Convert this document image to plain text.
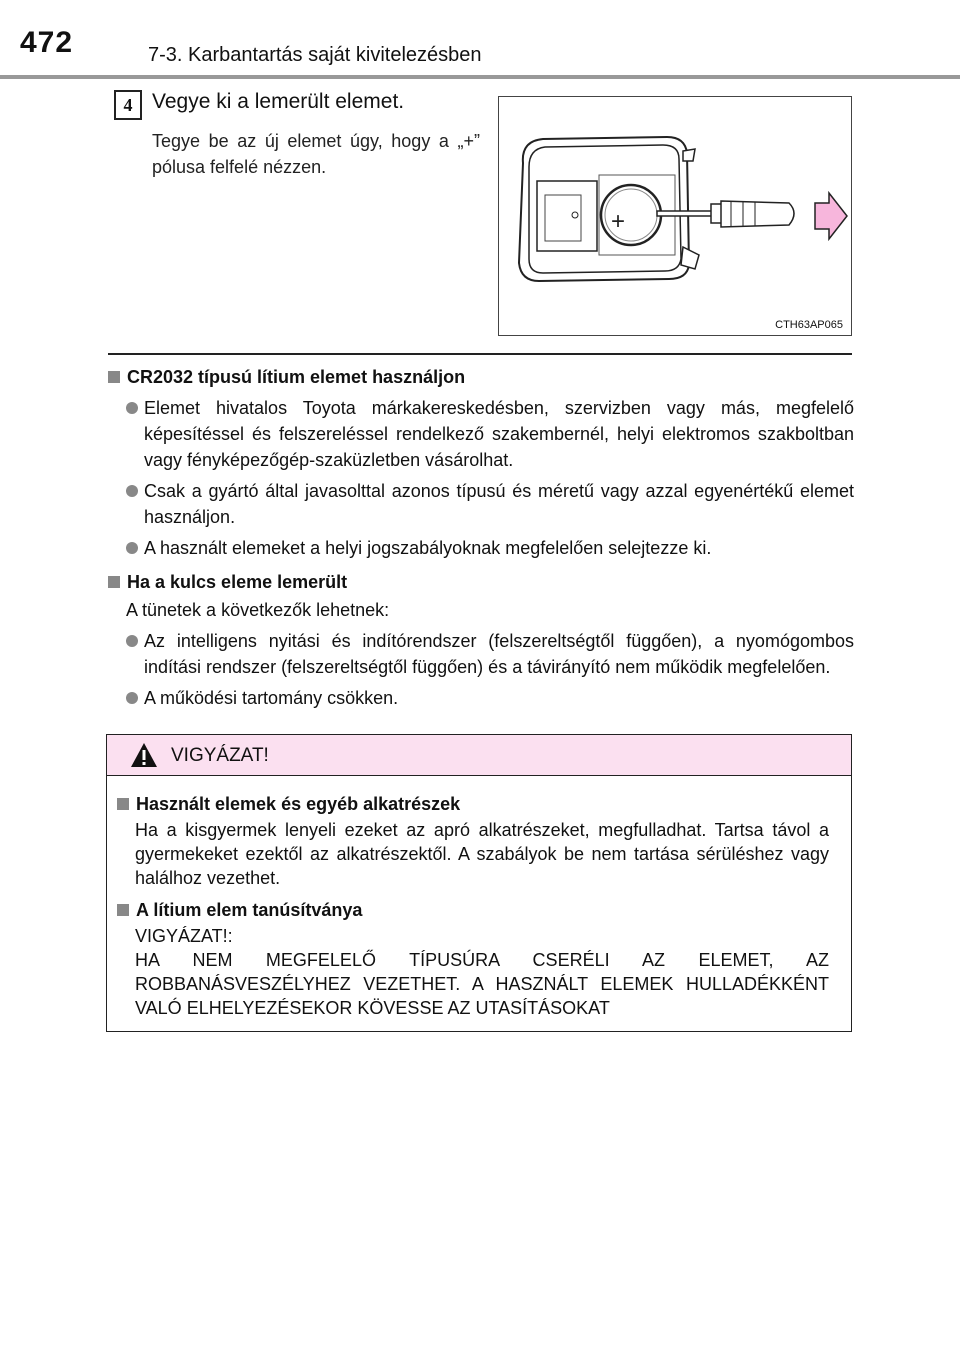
472	7-3. Karbantartás saját kivitelezésben
4 Vegye ki a lemerült elemet.
Tegye be az új elemet úgy, hogy a „+” pólusa felfelé nézzen.
+
CTH63AP065
CR2032 típusú lítium elemet használjon
Elemet hivatalos Toyota márkakereskedésben, szervizben vagy más, megfelelő képesítéssel és felszereléssel rendelkező szakembernél, helyi elektromos szakboltban vagy fényképezőgép-szaküzletben vásárolhat.
Csak a gyártó által javasolttal azonos típusú és méretű vagy azzal egyenértékű elemet használjon.
A használt elemeket a helyi jogszabályoknak megfelelően selejtezze ki.
Ha a kulcs eleme lemerült
A tünetek a következők lehetnek:
Az intelligens nyitási és indítórendszer (felszereltségtől függően), a nyomógombos indítási rendszer (felszereltségtől függően) és a távirányító nem működik megfelelően.
A működési tartomány csökken.
VIGYÁZAT!
Használt elemek és egyéb alkatrészek
Ha a kisgyermek lenyeli ezeket az apró alkatrészeket, megfulladhat. Tartsa távol a gyermekeket ezektől az alkatrészektől. A szabályok be nem tartása sérüléshez vagy halálhoz vezethet.
A lítium elem tanúsítványa
VIGYÁZAT!:
HA NEM MEGFELELŐ TÍPUSÚRA CSERÉLI AZ ELEMET, AZ ROBBANÁSVESZÉLYHEZ VEZETHET. A HASZNÁLT ELEMEK HULLADÉKKÉNT VALÓ ELHELYEZÉSEKOR KÖVESSE AZ UTASÍTÁSOKAT
